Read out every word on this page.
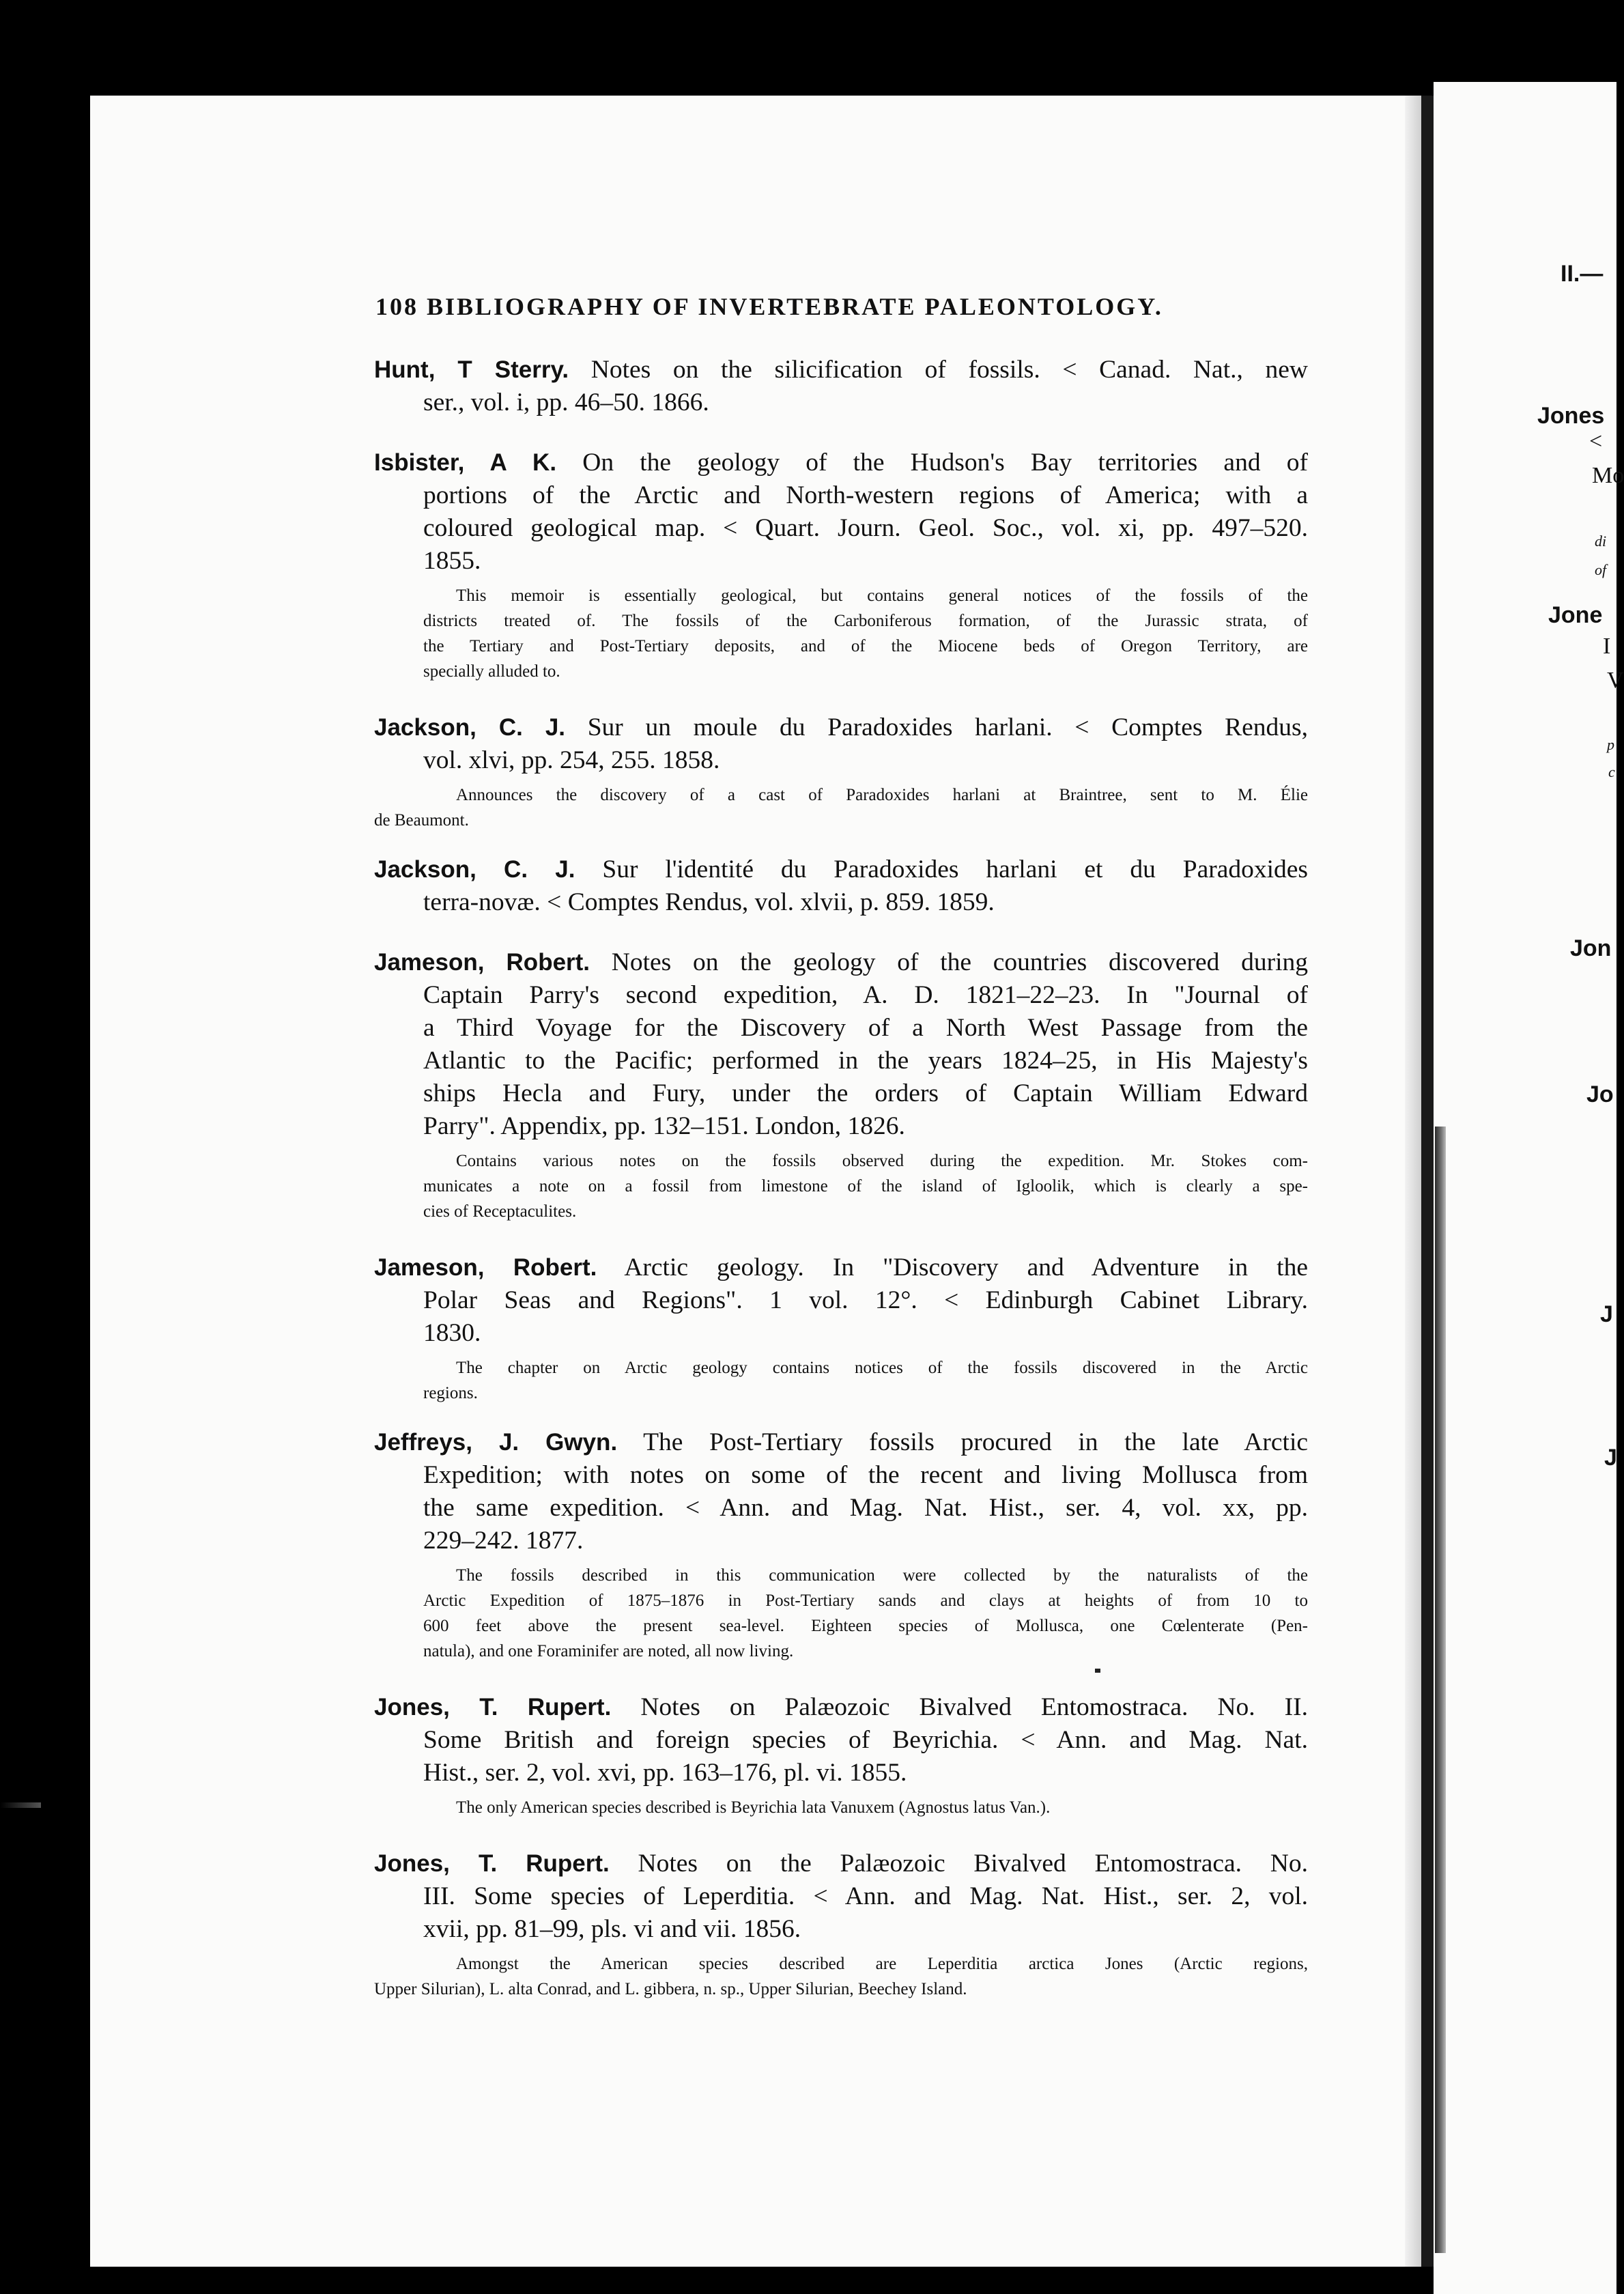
II.—
Jones
<
Mo
di
of
Jone
I
V
p
c
Jon
Jo
J
J
108 BIBLIOGRAPHY OF INVERTEBRATE PALEONTOLOGY.
Hunt, T Sterry. Notes on the silicification of fossils. < Canad. Nat., new
ser., vol. i, pp. 46–50. 1866.
Isbister, A K. On the geology of the Hudson's Bay territories and of
portions of the Arctic and North-western regions of America; with a
coloured geological map. < Quart. Journ. Geol. Soc., vol. xi, pp. 497–520.
1855.
This memoir is essentially geological, but contains general notices of the fossils of the
districts treated of. The fossils of the Carboniferous formation, of the Jurassic strata, of
the Tertiary and Post-Tertiary deposits, and of the Miocene beds of Oregon Territory, are
specially alluded to.
Jackson, C. J. Sur un moule du Paradoxides harlani. < Comptes Rendus,
vol. xlvi, pp. 254, 255. 1858.
Announces the discovery of a cast of Paradoxides harlani at Braintree, sent to M. Élie
de Beaumont.
Jackson, C. J. Sur l'identité du Paradoxides harlani et du Paradoxides
terra-novæ. < Comptes Rendus, vol. xlvii, p. 859. 1859.
Jameson, Robert. Notes on the geology of the countries discovered during
Captain Parry's second expedition, A. D. 1821–22–23. In "Journal of
a Third Voyage for the Discovery of a North West Passage from the
Atlantic to the Pacific; performed in the years 1824–25, in His Majesty's
ships Hecla and Fury, under the orders of Captain William Edward
Parry". Appendix, pp. 132–151. London, 1826.
Contains various notes on the fossils observed during the expedition. Mr. Stokes com-
municates a note on a fossil from limestone of the island of Igloolik, which is clearly a spe-
cies of Receptaculites.
Jameson, Robert. Arctic geology. In "Discovery and Adventure in the
Polar Seas and Regions". 1 vol. 12°. < Edinburgh Cabinet Library.
1830.
The chapter on Arctic geology contains notices of the fossils discovered in the Arctic
regions.
Jeffreys, J. Gwyn. The Post-Tertiary fossils procured in the late Arctic
Expedition; with notes on some of the recent and living Mollusca from
the same expedition. < Ann. and Mag. Nat. Hist., ser. 4, vol. xx, pp.
229–242. 1877.
The fossils described in this communication were collected by the naturalists of the
Arctic Expedition of 1875–1876 in Post-Tertiary sands and clays at heights of from 10 to
600 feet above the present sea-level. Eighteen species of Mollusca, one Cœlenterate (Pen-
natula), and one Foraminifer are noted, all now living.
Jones, T. Rupert. Notes on Palæozoic Bivalved Entomostraca. No. II.
Some British and foreign species of Beyrichia. < Ann. and Mag. Nat.
Hist., ser. 2, vol. xvi, pp. 163–176, pl. vi. 1855.
The only American species described is Beyrichia lata Vanuxem (Agnostus latus Van.).
Jones, T. Rupert. Notes on the Palæozoic Bivalved Entomostraca. No.
III. Some species of Leperditia. < Ann. and Mag. Nat. Hist., ser. 2, vol.
xvii, pp. 81–99, pls. vi and vii. 1856.
Amongst the American species described are Leperditia arctica Jones (Arctic regions,
Upper Silurian), L. alta Conrad, and L. gibbera, n. sp., Upper Silurian, Beechey Island.
